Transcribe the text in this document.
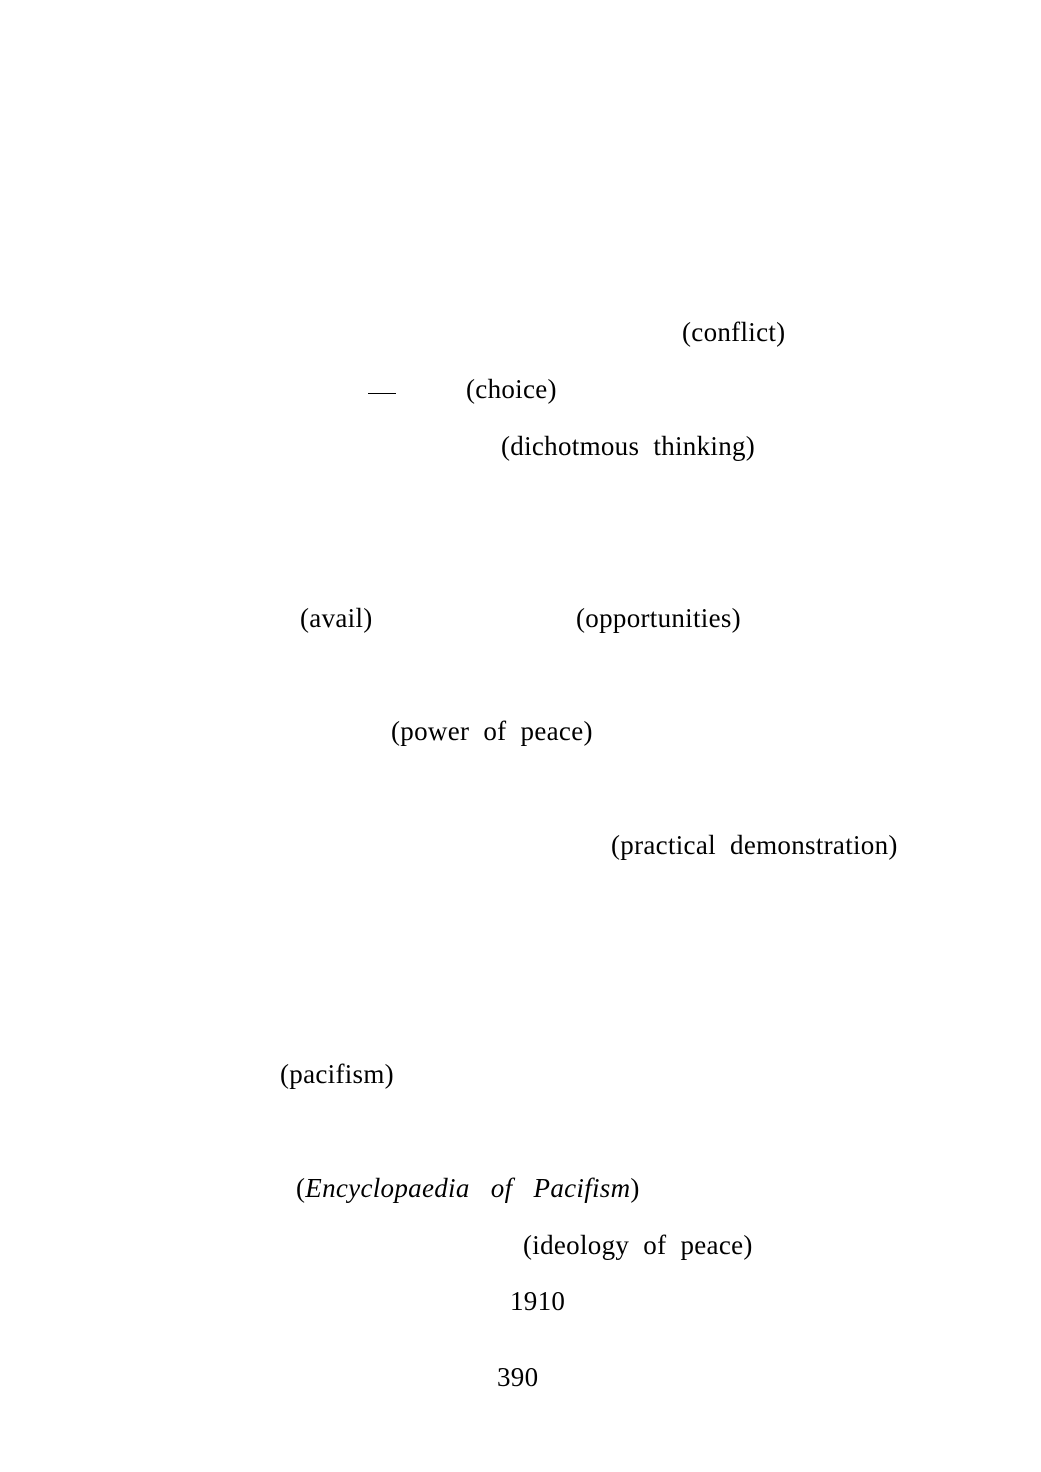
(conflict)
(choice)
(dichotmous  thinking)
(avail)	(opportunities)
(power  of  peace)
(practical  demonstration)
(pacifism)
(Encyclopaedia   of   Pacifism)
(ideology  of  peace)
1910
390
